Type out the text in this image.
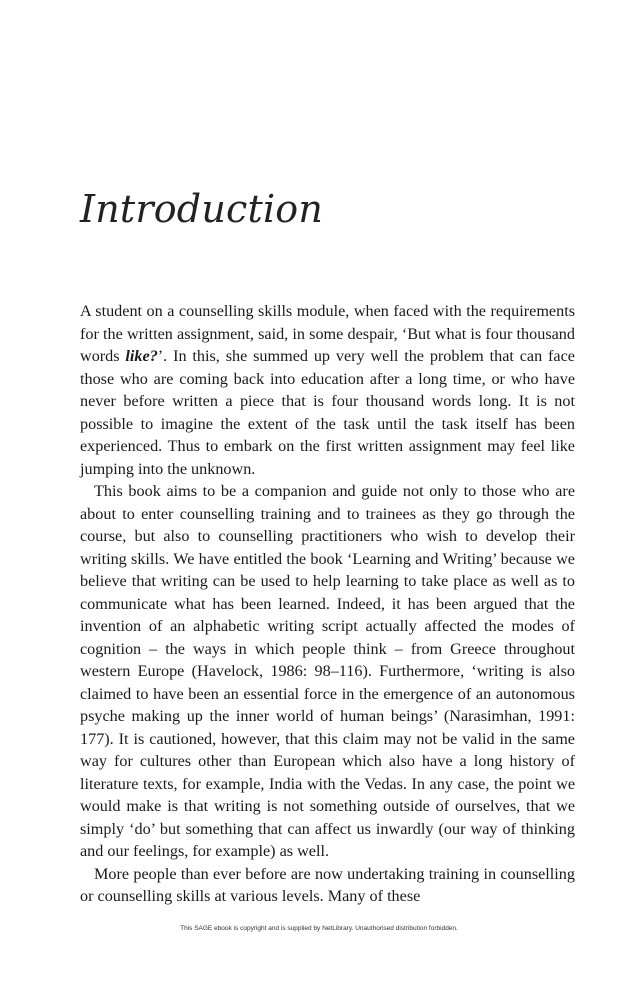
Introduction

A student on a counselling skills module, when faced with the requirements for the written assignment, said, in some despair, ‘But what is four thousand words like?’. In this, she summed up very well the problem that can face those who are coming back into education after a long time, or who have never before written a piece that is four thousand words long. It is not possible to imagine the extent of the task until the task itself has been experienced. Thus to embark on the first written assignment may feel like jumping into the unknown.

This book aims to be a companion and guide not only to those who are about to enter counselling training and to trainees as they go through the course, but also to counselling practitioners who wish to develop their writing skills. We have entitled the book ‘Learning and Writing’ because we believe that writing can be used to help learning to take place as well as to communicate what has been learned. Indeed, it has been argued that the invention of an alphabetic writing script actually affected the modes of cognition – the ways in which people think – from Greece throughout western Europe (Havelock, 1986: 98–116). Furthermore, ‘writing is also claimed to have been an essential force in the emergence of an autonomous psyche making up the inner world of human beings’ (Narasimhan, 1991: 177). It is cautioned, however, that this claim may not be valid in the same way for cultures other than European which also have a long history of literature texts, for example, India with the Vedas. In any case, the point we would make is that writing is not something outside of ourselves, that we simply ‘do’ but something that can affect us inwardly (our way of thinking and our feelings, for example) as well.

More people than ever before are now undertaking training in counselling or counselling skills at various levels. Many of these

This SAGE ebook is copyright and is supplied by NetLibrary. Unauthorised distribution forbidden.
